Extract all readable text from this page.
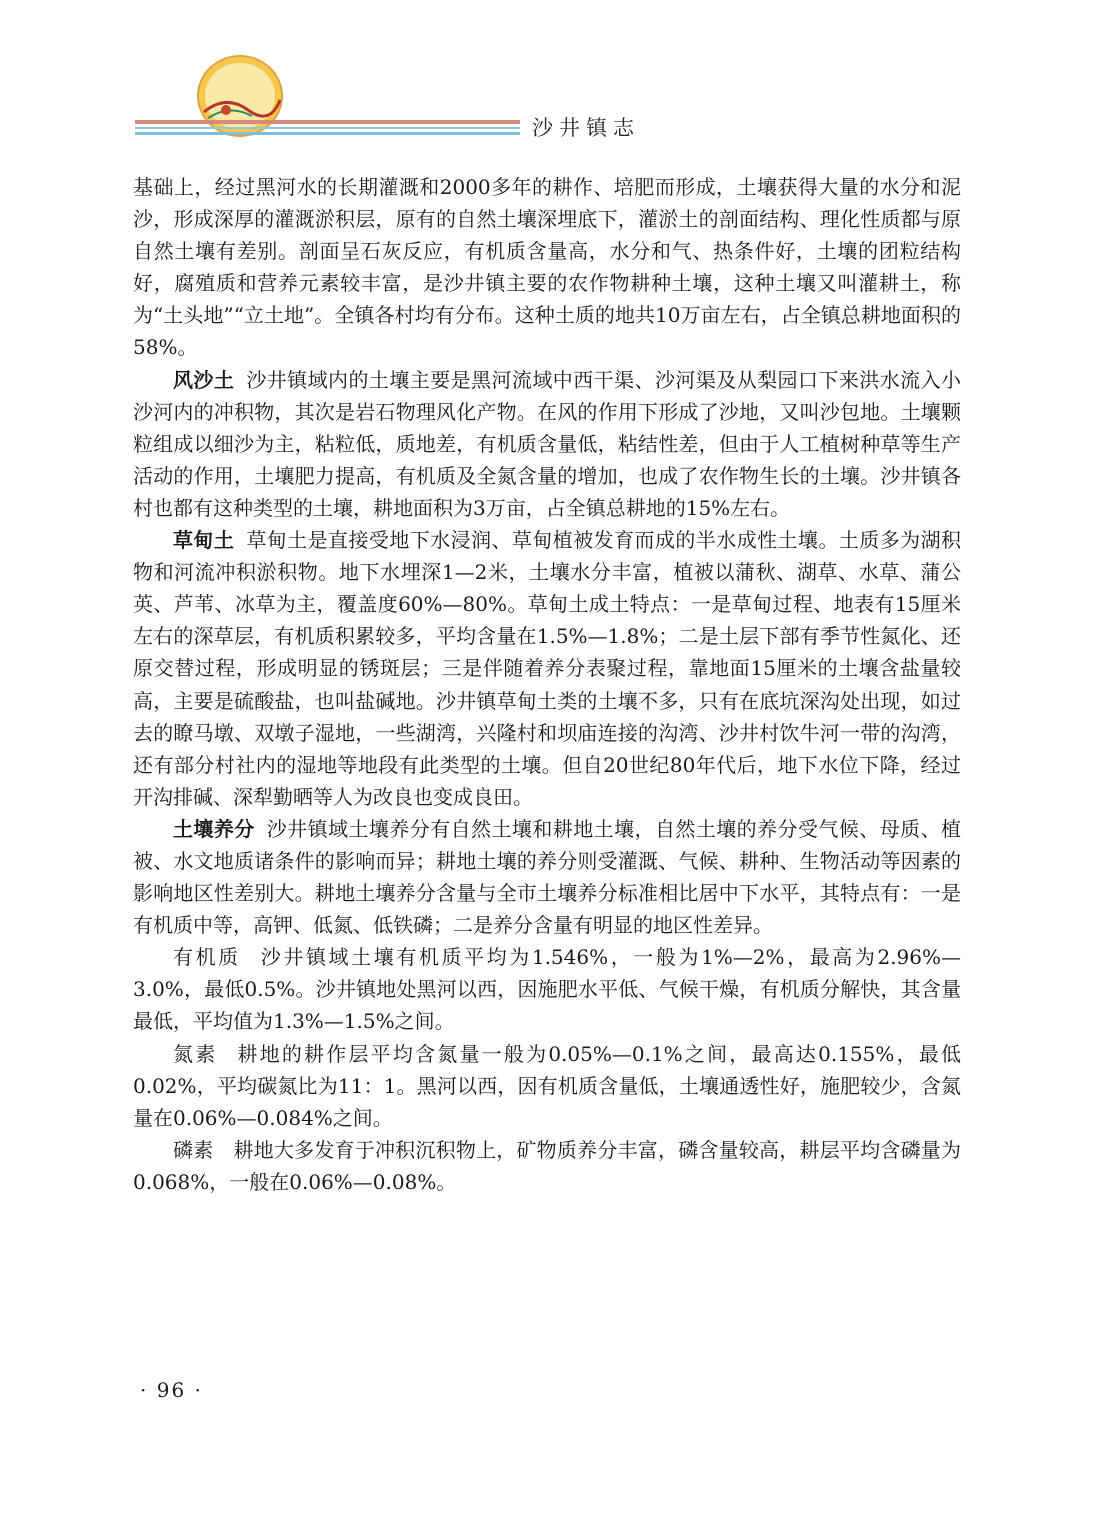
沙井镇志

基础上，经过黑河水的长期灌溉和2000多年的耕作、培肥而形成，土壤获得大量的水分和泥沙，形成深厚的灌溉淤积层，原有的自然土壤深埋底下，灌淤土的剖面结构、理化性质都与原自然土壤有差别。剖面呈石灰反应，有机质含量高，水分和气、热条件好，土壤的团粒结构好，腐殖质和营养元素较丰富，是沙井镇主要的农作物耕种土壤，这种土壤又叫灌耕土，称为“土头地”“立土地”。全镇各村均有分布。这种土质的地共10万亩左右，占全镇总耕地面积的58%。

风沙土 沙井镇域内的土壤主要是黑河流域中西干渠、沙河渠及从梨园口下来洪水流入小沙河内的冲积物，其次是岩石物理风化产物。在风的作用下形成了沙地，又叫沙包地。土壤颗粒组成以细沙为主，粘粒低，质地差，有机质含量低，粘结性差，但由于人工植树种草等生产活动的作用，土壤肥力提高，有机质及全氮含量的增加，也成了农作物生长的土壤。沙井镇各村也都有这种类型的土壤，耕地面积为3万亩，占全镇总耕地的15%左右。

草甸土 草甸土是直接受地下水浸润、草甸植被发育而成的半水成性土壤。土质多为湖积物和河流冲积淤积物。地下水埋深1—2米，土壤水分丰富，植被以蒲秋、湖草、水草、蒲公英、芦苇、冰草为主，覆盖度60%—80%。草甸土成土特点：一是草甸过程、地表有15厘米左右的深草层，有机质积累较多，平均含量在1.5%—1.8%；二是土层下部有季节性氮化、还原交替过程，形成明显的锈斑层；三是伴随着养分表聚过程，靠地面15厘米的土壤含盐量较高，主要是硫酸盐，也叫盐碱地。沙井镇草甸土类的土壤不多，只有在底坑深沟处出现，如过去的瞭马墩、双墩子湿地，一些湖湾，兴隆村和坝庙连接的沟湾、沙井村饮牛河一带的沟湾，还有部分村社内的湿地等地段有此类型的土壤。但自20世纪80年代后，地下水位下降，经过开沟排碱、深犁勤晒等人为改良也变成良田。

土壤养分 沙井镇域土壤养分有自然土壤和耕地土壤，自然土壤的养分受气候、母质、植被、水文地质诸条件的影响而异；耕地土壤的养分则受灌溉、气候、耕种、生物活动等因素的影响地区性差别大。耕地土壤养分含量与全市土壤养分标准相比居中下水平，其特点有：一是有机质中等，高钾、低氮、低铁磷；二是养分含量有明显的地区性差异。

有机质 沙井镇域土壤有机质平均为1.546%，一般为1%—2%，最高为2.96%—3.0%，最低0.5%。沙井镇地处黑河以西，因施肥水平低、气候干燥，有机质分解快，其含量最低，平均值为1.3%—1.5%之间。

氮素 耕地的耕作层平均含氮量一般为0.05%—0.1%之间，最高达0.155%，最低0.02%，平均碳氮比为11：1。黑河以西，因有机质含量低，土壤通透性好，施肥较少，含氮量在0.06%—0.084%之间。

磷素 耕地大多发育于冲积沉积物上，矿物质养分丰富，磷含量较高，耕层平均含磷量为0.068%，一般在0.06%—0.08%。

· 96 ·
